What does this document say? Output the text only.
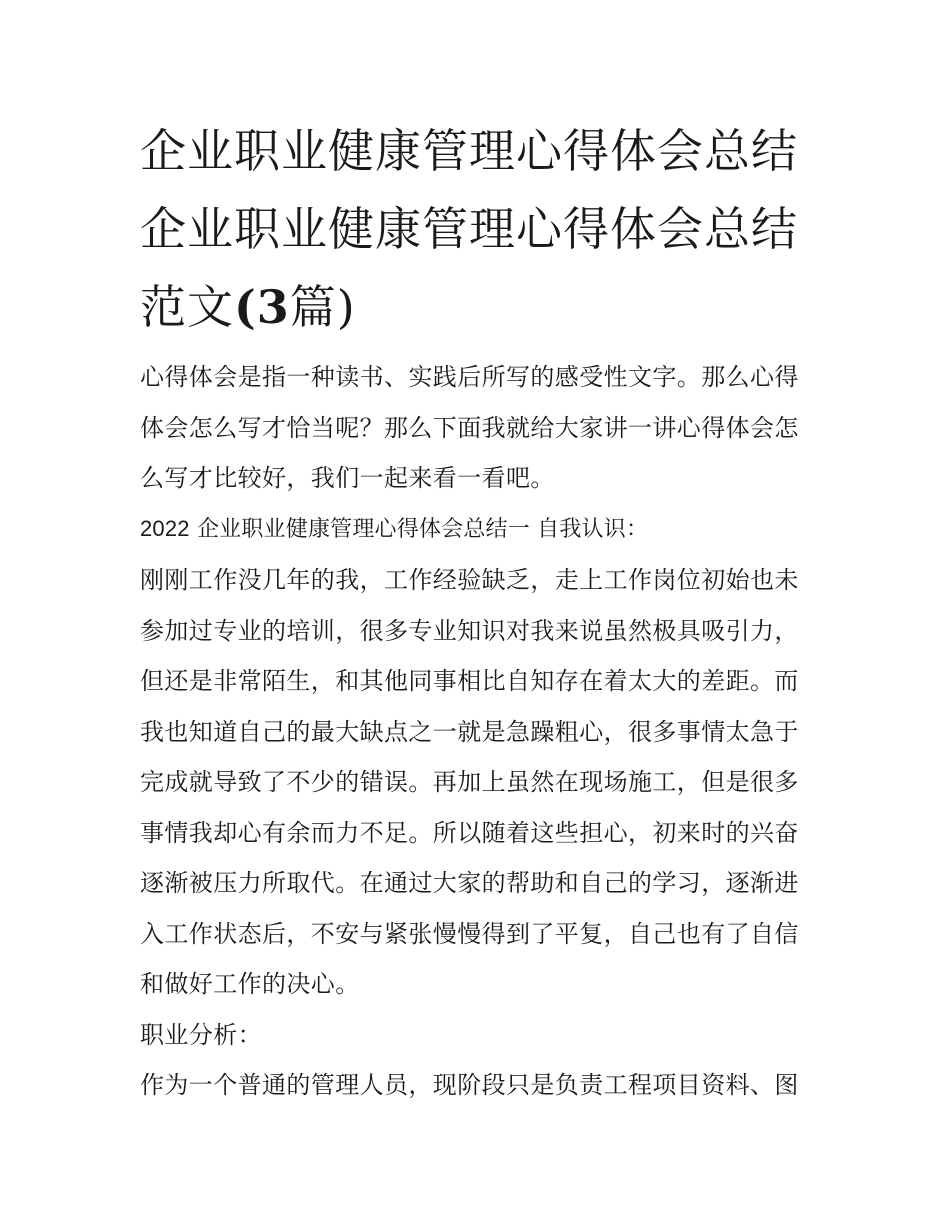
企业职业健康管理心得体会总结 企业职业健康管理心得体会总结范文(3篇)

心得体会是指一种读书、实践后所写的感受性文字。那么心得体会怎么写才恰当呢？那么下面我就给大家讲一讲心得体会怎么写才比较好，我们一起来看一看吧。

2022 企业职业健康管理心得体会总结一 自我认识：

刚刚工作没几年的我，工作经验缺乏，走上工作岗位初始也未参加过专业的培训，很多专业知识对我来说虽然极具吸引力，但还是非常陌生，和其他同事相比自知存在着太大的差距。而我也知道自己的最大缺点之一就是急躁粗心，很多事情太急于完成就导致了不少的错误。再加上虽然在现场施工，但是很多事情我却心有余而力不足。所以随着这些担心，初来时的兴奋逐渐被压力所取代。在通过大家的帮助和自己的学习，逐渐进入工作状态后，不安与紧张慢慢得到了平复，自己也有了自信和做好工作的决心。

职业分析：

作为一个普通的管理人员，现阶段只是负责工程项目资料、图
